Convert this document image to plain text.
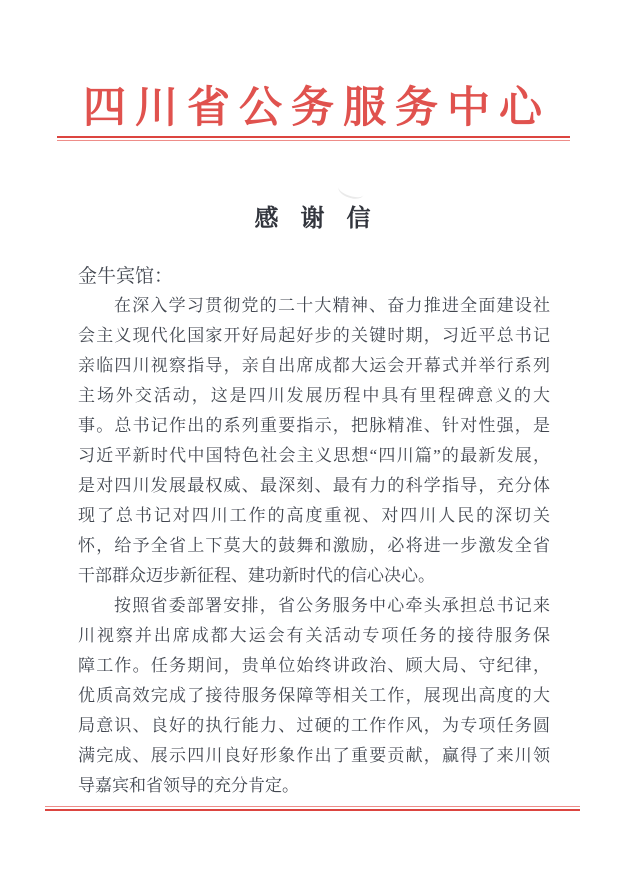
四川省公务服务中心
感 谢 信
金牛宾馆：
在深入学习贯彻党的二十大精神、奋力推进全面建设社
会主义现代化国家开好局起好步的关键时期，习近平总书记
亲临四川视察指导，亲自出席成都大运会开幕式并举行系列
主场外交活动，这是四川发展历程中具有里程碑意义的大
事。总书记作出的系列重要指示，把脉精准、针对性强，是
习近平新时代中国特色社会主义思想“四川篇”的最新发展，
是对四川发展最权威、最深刻、最有力的科学指导，充分体
现了总书记对四川工作的高度重视、对四川人民的深切关
怀，给予全省上下莫大的鼓舞和激励，必将进一步激发全省
干部群众迈步新征程、建功新时代的信心决心。
按照省委部署安排，省公务服务中心牵头承担总书记来
川视察并出席成都大运会有关活动专项任务的接待服务保
障工作。任务期间，贵单位始终讲政治、顾大局、守纪律，
优质高效完成了接待服务保障等相关工作，展现出高度的大
局意识、良好的执行能力、过硬的工作作风，为专项任务圆
满完成、展示四川良好形象作出了重要贡献，赢得了来川领
导嘉宾和省领导的充分肯定。
